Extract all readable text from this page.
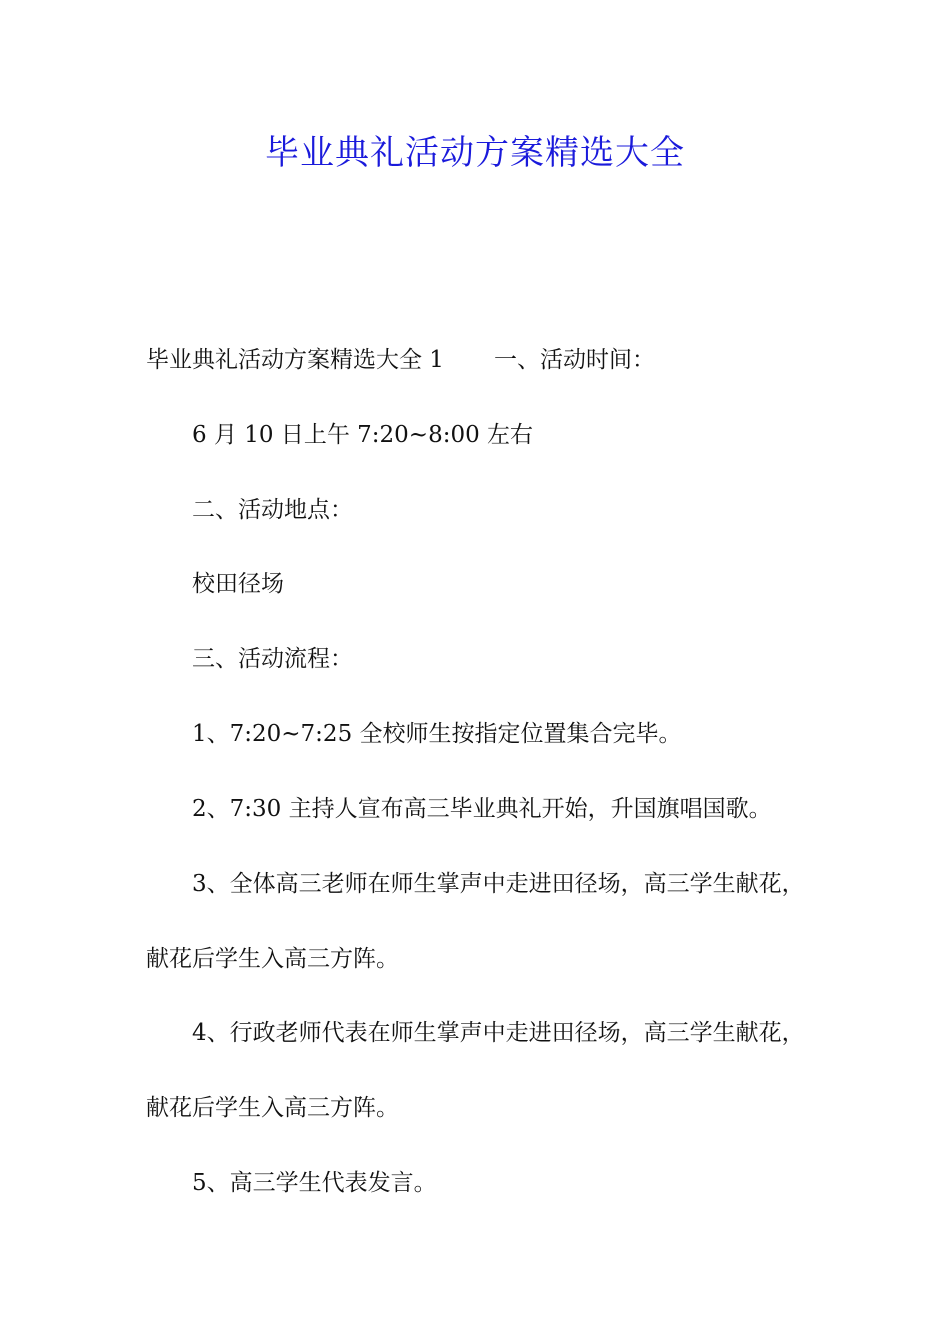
毕业典礼活动方案精选大全
毕业典礼活动方案精选大全 1 一、活动时间：
6 月 10 日上午 7:20~8:00 左右
二、活动地点：
校田径场
三、活动流程：
1、7:20~7:25 全校师生按指定位置集合完毕。
2、7:30 主持人宣布高三毕业典礼开始，升国旗唱国歌。
3、全体高三老师在师生掌声中走进田径场，高三学生献花，
献花后学生入高三方阵。
4、行政老师代表在师生掌声中走进田径场，高三学生献花，
献花后学生入高三方阵。
5、高三学生代表发言。
